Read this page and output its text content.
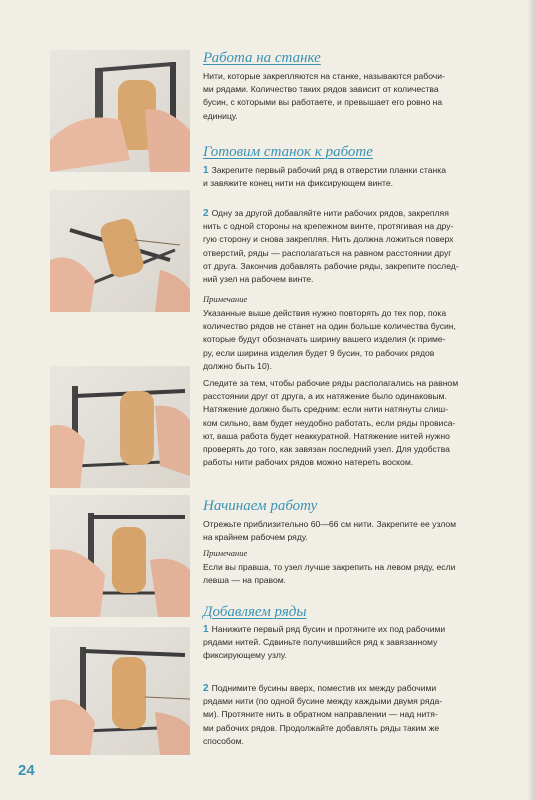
Работа на станке
Нити, которые закрепляются на станке, называются рабочи-
ми рядами. Количество таких рядов зависит от количества
бусин, с которыми вы работаете, и превышает его ровно на
единицу.
Готовим станок к работе
1 Закрепите первый рабочий ряд в отверстии планки станка
и завяжите конец нити на фиксирующем винте.
2 Одну за другой добавляйте нити рабочих рядов, закрепляя
нить с одной стороны на крепежном винте, протягивая на дру-
гую сторону и снова закрепляя. Нить должна ложиться поверх
отверстий, ряды — располагаться на равном расстоянии друг
от друга. Закончив добавлять рабочие ряды, закрепите послед-
ний узел на рабочем винте.
Примечание
Указанные выше действия нужно повторять до тех пор, пока
количество рядов не станет на один больше количества бусин,
которые будут обозначать ширину вашего изделия (к приме-
ру, если ширина изделия будет 9 бусин, то рабочих рядов
должно быть 10).
Следите за тем, чтобы рабочие ряды располагались на равном
расстоянии друг от друга, а их натяжение было одинаковым.
Натяжение должно быть средним: если нити натянуты слиш-
ком сильно, вам будет неудобно работать, если ряды провиса-
ют, ваша работа будет неаккуратной. Натяжение нитей нужно
проверять до того, как завязан последний узел. Для удобства
работы нити рабочих рядов можно натереть воском.
Начинаем работу
Отрежьте приблизительно 60—66 см нити. Закрепите ее узлом
на крайнем рабочем ряду.
Примечание
Если вы правша, то узел лучше закрепить на левом ряду, если
левша — на правом.
Добавляем ряды
1 Нанижите первый ряд бусин и протяните их под рабочими
рядами нитей. Сдвиньте получившийся ряд к завязанному
фиксирующему узлу.
2 Поднимите бусины вверх, поместив их между рабочими
рядами нити (по одной бусине между каждыми двумя ряда-
ми). Протяните нить в обратном направлении — над нитя-
ми рабочих рядов. Продолжайте добавлять ряды таким же
способом.
24
